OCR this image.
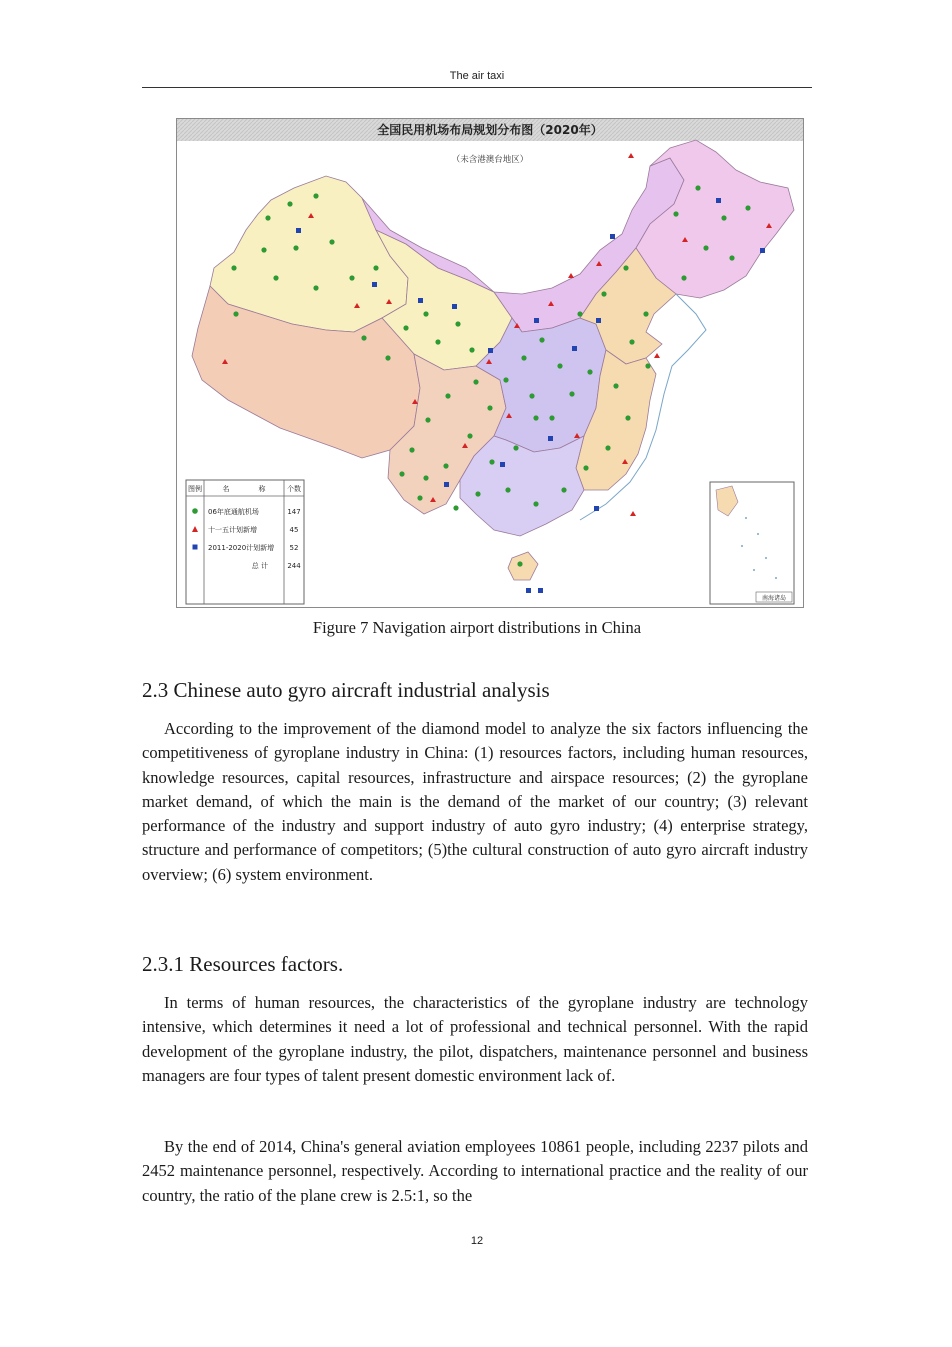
The air taxi
全国民用机场布局规划分布图（2020年）
（未含港澳台地区）
图例	名	称	个数
06年底通航机场	147
十一五计划新增	45
2011-2020计划新增 52
总 计	244
南海诸岛
Figure 7 Navigation airport distributions in China
2.3 Chinese auto gyro aircraft industrial analysis

According to the improvement of the diamond model to analyze the six factors influencing the competitiveness of gyroplane industry in China: (1) resources factors, including human resources, knowledge resources, capital resources, infrastructure and airspace resources; (2) the gyroplane market demand, of which the main is the demand of the market of our country; (3) relevant performance of the industry and support industry of auto gyro industry; (4) enterprise strategy, structure and performance of competitors; (5)the cultural construction of auto gyro aircraft industry overview; (6) system environment.

2.3.1 Resources factors.

In terms of human resources, the characteristics of the gyroplane industry are technology intensive, which determines it need a lot of professional and technical personnel. With the rapid development of the gyroplane industry, the pilot, dispatchers, maintenance personnel and business managers are four types of talent present domestic environment lack of.

By the end of 2014, China's general aviation employees 10861 people, including 2237 pilots and 2452 maintenance personnel, respectively. According to international practice and the reality of our country, the ratio of the plane crew is 2.5:1, so the

12
